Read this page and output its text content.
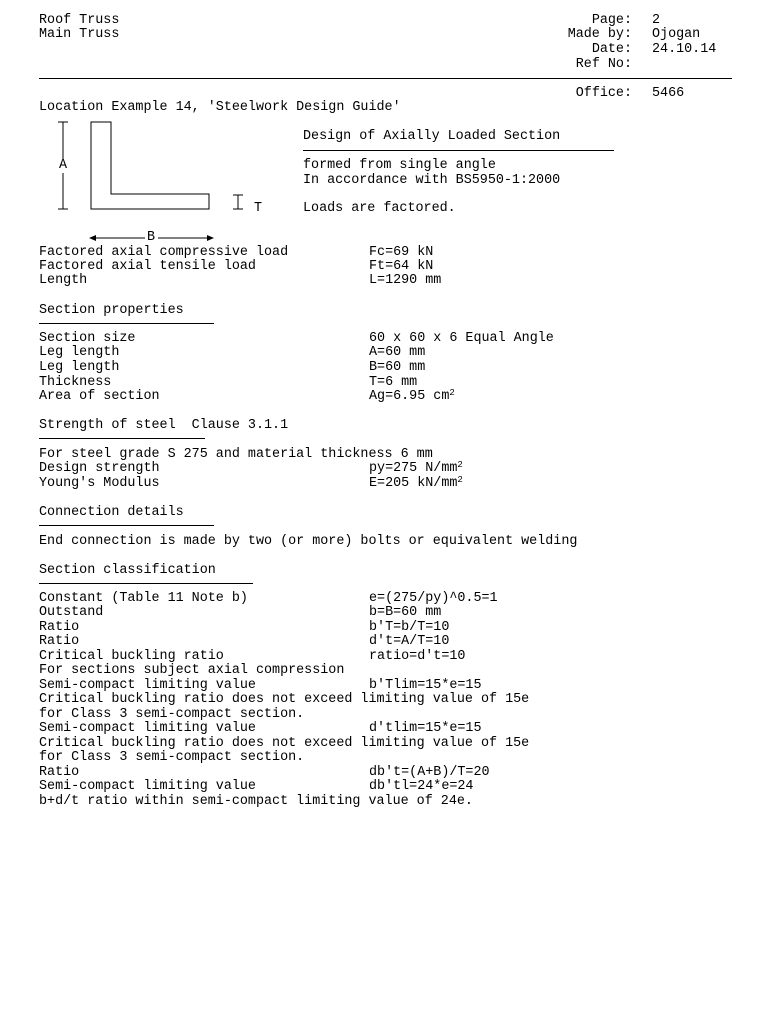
Roof Truss
Main Truss
Page: 2
Made by: Ojogan
Date: 24.10.14
Ref No:
Office: 5466
Location Example 14, 'Steelwork Design Guide'
A
B
T
Design of Axially Loaded Section
formed from single angle
In accordance with BS5950-1:2000
Loads are factored.
Factored axial compressive load	Fc=69 kN
Factored axial tensile load	Ft=64 kN
Length	L=1290 mm
Section properties
Section size	60 x 60 x 6 Equal Angle
Leg length	A=60 mm
Leg length	B=60 mm
Thickness	T=6 mm
Area of section	Ag=6.95 $cm^2$
Strength of steel  Clause 3.1.1
For steel grade S 275 and material thickness 6 mm
Design strength	py=275 $N/mm^2$
Young's Modulus	E=205 $kN/mm^2$
Connection details
End connection is made by two (or more) bolts or equivalent welding
Section classification
Constant (Table 11 Note b)	e=(275/py)^0.5=1
Outstand	b=B=60 mm
Ratio	b'T=b/T=10
Ratio	d't=A/T=10
Critical buckling ratio	ratio=d't=10
For sections subject axial compression
Semi-compact limiting value	b'Tlim=15*e=15
Critical buckling ratio does not exceed limiting value of 15e
for Class 3 semi-compact section.
Semi-compact limiting value	d'tlim=15*e=15
Critical buckling ratio does not exceed limiting value of 15e
for Class 3 semi-compact section.
Ratio	db't=(A+B)/T=20
Semi-compact limiting value	db'tl=24*e=24
b+d/t ratio within semi-compact limiting value of 24e.
